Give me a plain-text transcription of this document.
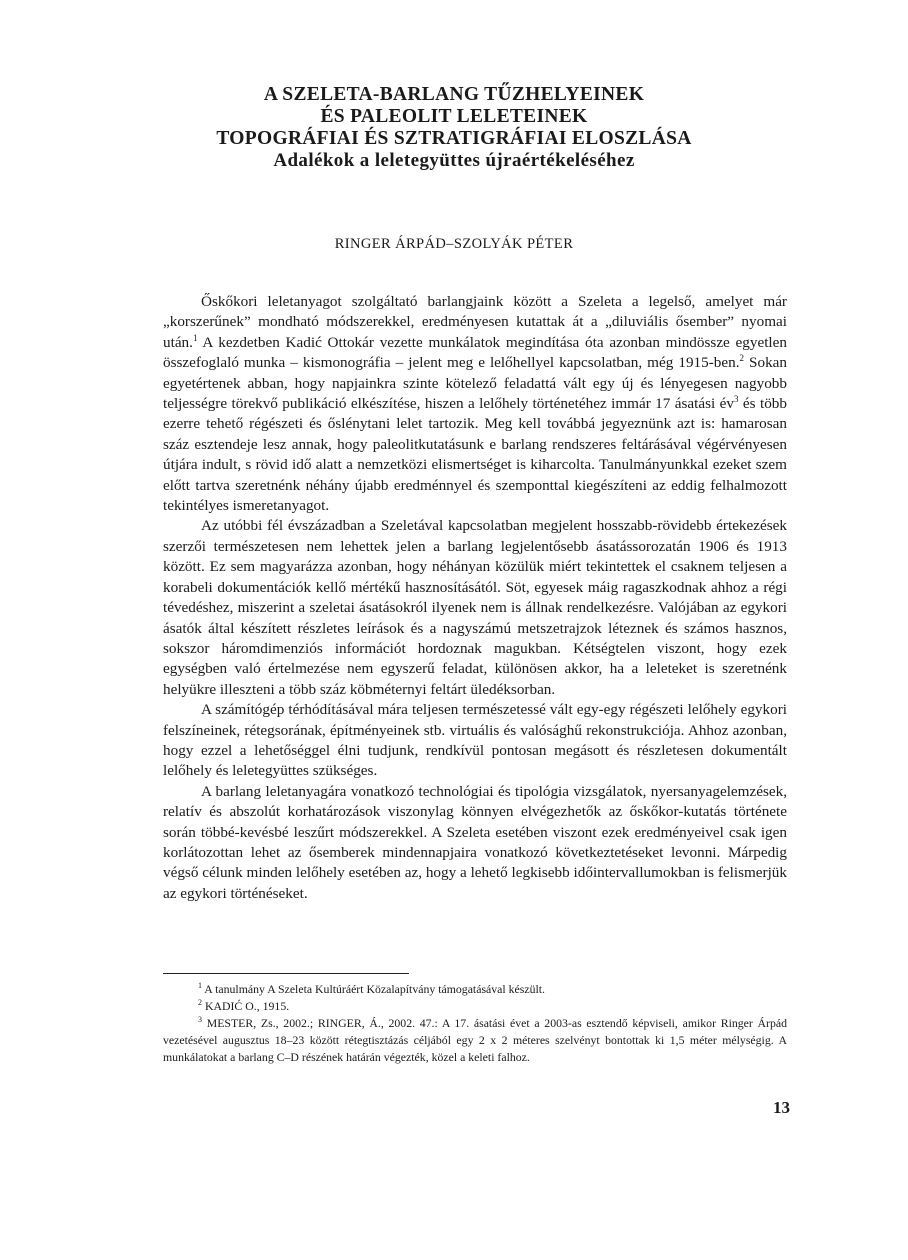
A SZELETA-BARLANG TŰZHELYEINEK
ÉS PALEOLIT LELETEINEK
TOPOGRÁFIAI ÉS SZTRATIGRÁFIAI ELOSZLÁSA
Adalékok a leletegyüttes újraértékeléséhez
RINGER ÁRPÁD–SZOLYÁK PÉTER

Őskőkori leletanyagot szolgáltató barlangjaink között a Szeleta a legelső, amelyet már „korszerűnek” mondható módszerekkel, eredményesen kutattak át a „diluviális ősember” nyomai után.$^1$ A kezdetben Kadić Ottokár vezette munkálatok megindítása óta azonban mindössze egyetlen összefoglaló munka – kismonográfia – jelent meg e lelőhellyel kapcsolatban, még 1915-ben.$^2$ Sokan egyetértenek abban, hogy napjainkra szinte kötelező feladattá vált egy új és lényegesen nagyobb teljességre törekvő publikáció elkészítése, hiszen a lelőhely történetéhez immár 17 ásatási $év^3$ és több ezerre tehető régészeti és őslénytani lelet tartozik. Meg kell továbbá jegyeznünk azt is: hamarosan száz esztendeje lesz annak, hogy paleolitkutatásunk e barlang rendszeres feltárásával végérvényesen útjára indult, s rövid idő alatt a nemzetközi elismertséget is kiharcolta. Tanulmányunkkal ezeket szem előtt tartva szeretnénk néhány újabb eredménnyel és szemponttal kiegészíteni az eddig felhalmozott tekintélyes ismeretanyagot.

Az utóbbi fél évszázadban a Szeletával kapcsolatban megjelent hosszabb-rövidebb értekezések szerzői természetesen nem lehettek jelen a barlang legjelentősebb ásatássorozatán 1906 és 1913 között. Ez sem magyarázza azonban, hogy néhányan közülük miért tekintettek el csaknem teljesen a korabeli dokumentációk kellő mértékű hasznosításától. Söt, egyesek máig ragaszkodnak ahhoz a régi tévedéshez, miszerint a szeletai ásatásokról ilyenek nem is állnak rendelkezésre. Valójában az egykori ásatók által készített részletes leírások és a nagyszámú metszetrajzok léteznek és számos hasznos, sokszor háromdimenziós információt hordoznak magukban. Kétségtelen viszont, hogy ezek egységben való értelmezése nem egyszerű feladat, különösen akkor, ha a leleteket is szeretnénk helyükre illeszteni a több száz köbméternyi feltárt üledéksorban.

A számítógép térhódításával mára teljesen természetessé vált egy-egy régészeti lelőhely egykori felszíneinek, rétegsorának, építményeinek stb. virtuális és valósághű rekonstrukciója. Ahhoz azonban, hogy ezzel a lehetőséggel élni tudjunk, rendkívül pontosan megásott és részletesen dokumentált lelőhely és leletegyüttes szükséges.

A barlang leletanyagára vonatkozó technológiai és tipológia vizsgálatok, nyersanyagelemzések, relatív és abszolút korhatározások viszonylag könnyen elvégezhetők az őskőkor-kutatás története során többé-kevésbé leszűrt módszerekkel. A Szeleta esetében viszont ezek eredményeivel csak igen korlátozottan lehet az ősemberek mindennapjaira vonatkozó következtetéseket levonni. Márpedig végső célunk minden lelőhely esetében az, hogy a lehető legkisebb időintervallumokban is felismerjük az egykori történéseket.

$^1$ A tanulmány A Szeleta Kultúráért Közalapítvány támogatásával készült.

$^2$ KADIĆ O., 1915.

$^3$ MESTER, Zs., 2002.; RINGER, Á., 2002. 47.: A 17. ásatási évet a 2003-as esztendő képviseli, amikor Ringer Árpád vezetésével augusztus 18–23 között rétegtisztázás céljából egy 2 x 2 méteres szelvényt bontottak ki 1,5 méter mélységig. A munkálatokat a barlang C–D részének határán végezték, közel a keleti falhoz.

13
